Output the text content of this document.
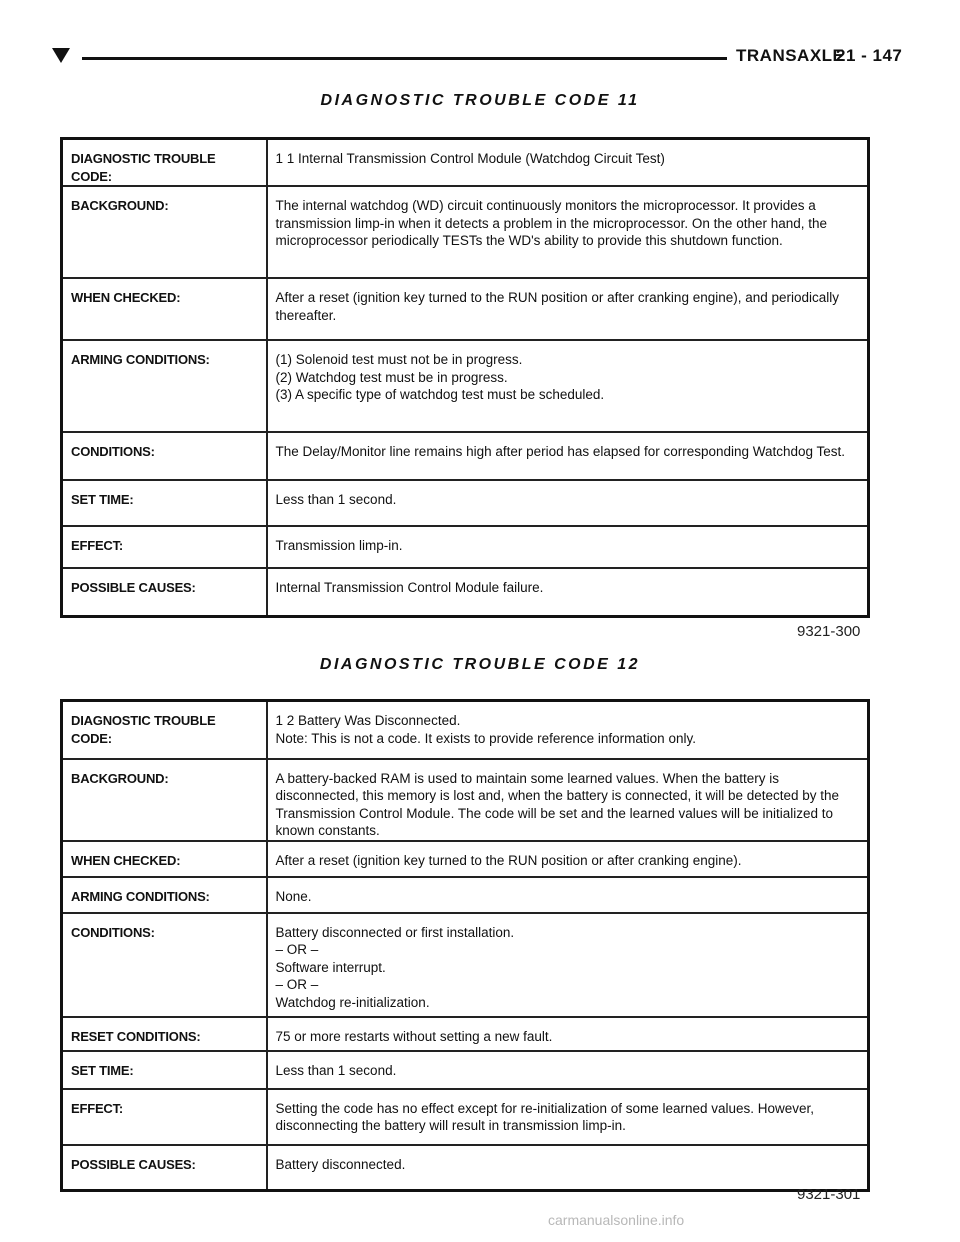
TRANSAXLE
21 - 147
DIAGNOSTIC TROUBLE CODE 11
DIAGNOSTIC TROUBLE CODE:	1 1 Internal Transmission Control Module (Watchdog Circuit Test)

BACKGROUND:	The internal watchdog (WD) circuit continuously monitors the microprocessor. It provides a
transmission limp-in when it detects a problem in the microprocessor. On the other hand, the
microprocessor periodically TESTs the WD's ability to provide this shutdown function.

WHEN CHECKED:	After a reset (ignition key turned to the RUN position or after cranking engine), and periodically
thereafter.

ARMING CONDITIONS:	(1) Solenoid test must not be in progress.
(2) Watchdog test must be in progress.
(3) A specific type of watchdog test must be scheduled.

CONDITIONS:	The Delay/Monitor line remains high after period has elapsed for corresponding Watchdog Test.

SET TIME:	Less than 1 second.

EFFECT:	Transmission limp-in.

POSSIBLE CAUSES:	Internal Transmission Control Module failure.
9321-300
DIAGNOSTIC TROUBLE CODE 12
DIAGNOSTIC TROUBLE CODE:	1 2 Battery Was Disconnected.
Note: This is not a code. It exists to provide reference information only.

BACKGROUND:	A battery-backed RAM is used to maintain some learned values. When the battery is
disconnected, this memory is lost and, when the battery is connected, it will be detected by the
Transmission Control Module. The code will be set and the learned values will be initialized to
known constants.

WHEN CHECKED:	After a reset (ignition key turned to the RUN position or after cranking engine).

ARMING CONDITIONS:	None.

CONDITIONS:	Battery disconnected or first installation.
– OR –
Software interrupt.
– OR –
Watchdog re-initialization.

RESET CONDITIONS:	75 or more restarts without setting a new fault.

SET TIME:	Less than 1 second.

EFFECT:	Setting the code has no effect except for re-initialization of some learned values. However,
disconnecting the battery will result in transmission limp-in.

POSSIBLE CAUSES:	Battery disconnected.
9321-301
carmanualsonline.info
